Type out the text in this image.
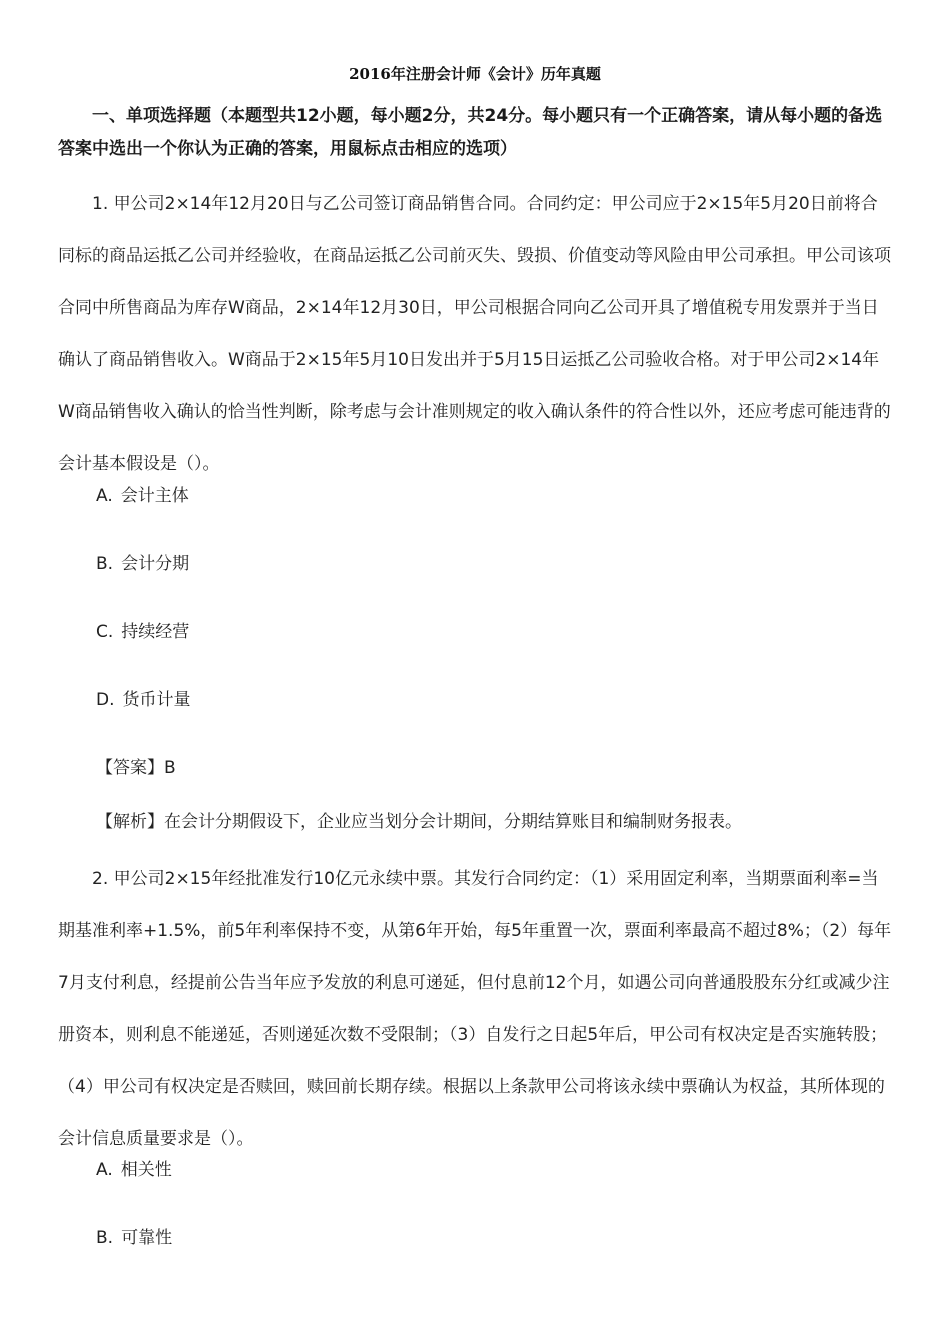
2016年注册会计师《会计》历年真题
一、单项选择题（本题型共12小题，每小题2分，共24分。每小题只有一个正确答案，请从每小题的备选答案中选出一个你认为正确的答案，用鼠标点击相应的选项）
1. 甲公司2×14年12月20日与乙公司签订商品销售合同。合同约定：甲公司应于2×15年5月20日前将合同标的商品运抵乙公司并经验收，在商品运抵乙公司前灭失、毁损、价值变动等风险由甲公司承担。甲公司该项合同中所售商品为库存W商品，2×14年12月30日，甲公司根据合同向乙公司开具了增值税专用发票并于当日确认了商品销售收入。W商品于2×15年5月10日发出并于5月15日运抵乙公司验收合格。对于甲公司2×14年W商品销售收入确认的恰当性判断，除考虑与会计准则规定的收入确认条件的符合性以外，还应考虑可能违背的会计基本假设是（）。
A. 会计主体
B. 会计分期
C. 持续经营
D. 货币计量
【答案】B
【解析】在会计分期假设下，企业应当划分会计期间，分期结算账目和编制财务报表。
2. 甲公司2×15年经批准发行10亿元永续中票。其发行合同约定：（1）采用固定利率，当期票面利率=当期基准利率+1.5%，前5年利率保持不变，从第6年开始，每5年重置一次，票面利率最高不超过8%；（2）每年7月支付利息，经提前公告当年应予发放的利息可递延，但付息前12个月，如遇公司向普通股股东分红或减少注册资本，则利息不能递延，否则递延次数不受限制；（3）自发行之日起5年后，甲公司有权决定是否实施转股；（4）甲公司有权决定是否赎回，赎回前长期存续。根据以上条款甲公司将该永续中票确认为权益，其所体现的会计信息质量要求是（）。
A. 相关性
B. 可靠性
